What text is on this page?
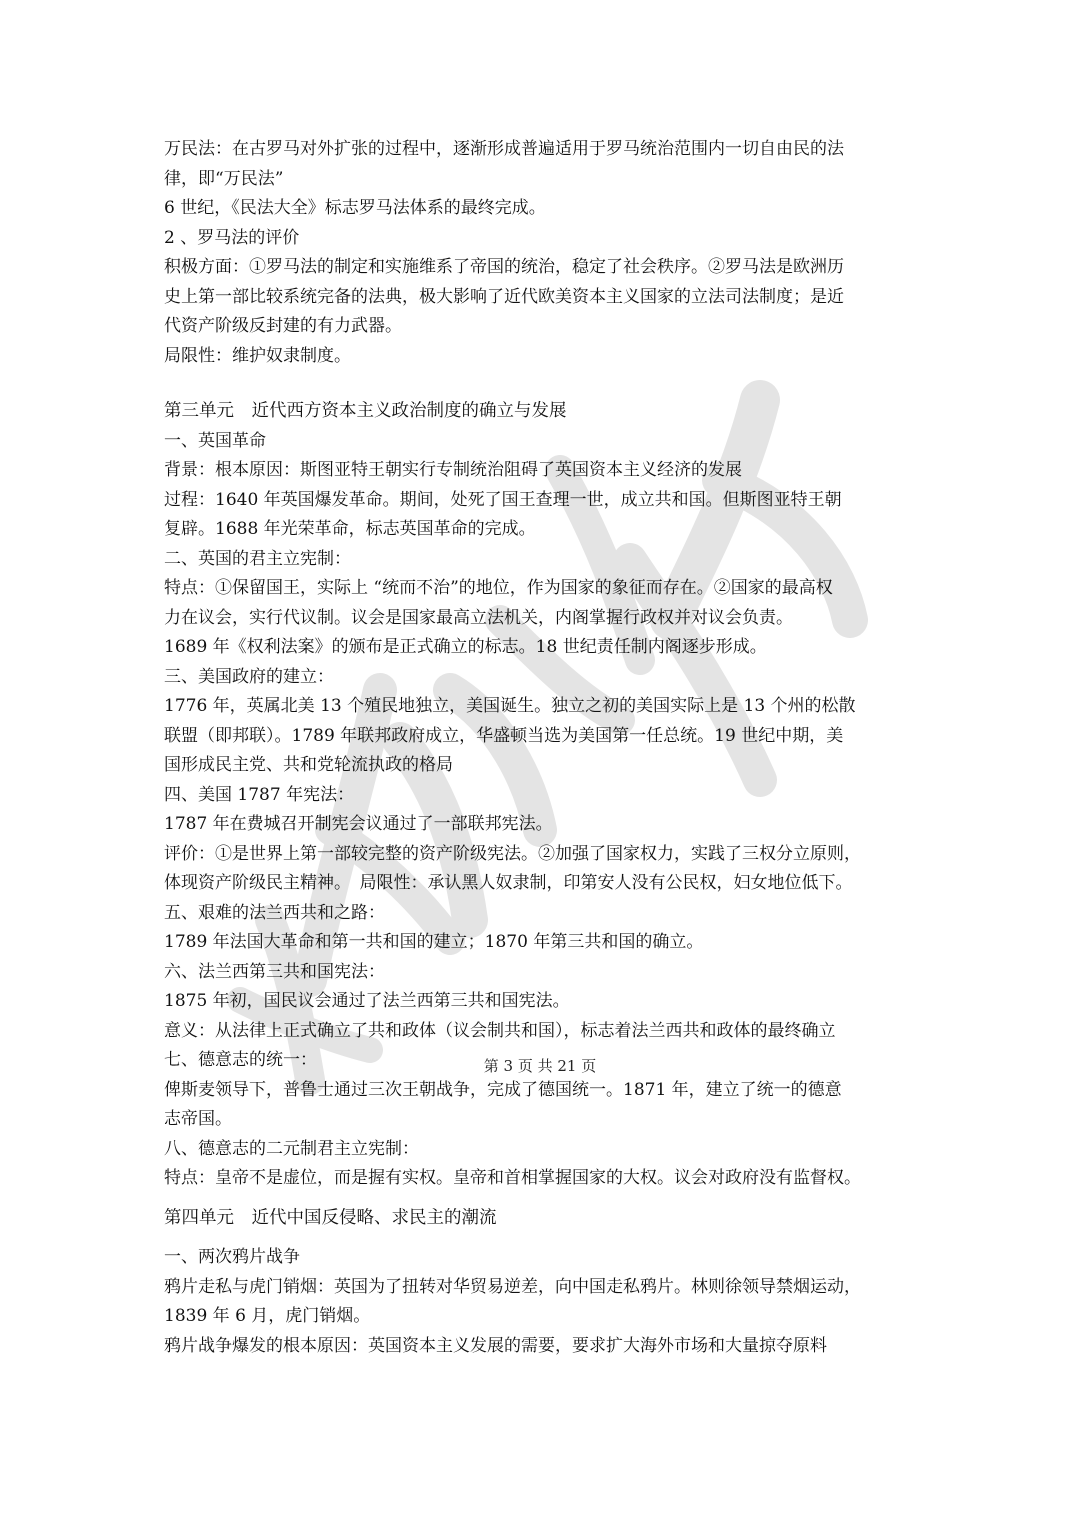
万民法：在古罗马对外扩张的过程中，逐渐形成普遍适用于罗马统治范围内一切自由民的法
律，即“万民法”
6 世纪，《民法大全》标志罗马法体系的最终完成。
2 、罗马法的评价
积极方面：①罗马法的制定和实施维系了帝国的统治，稳定了社会秩序。②罗马法是欧洲历
史上第一部比较系统完备的法典，极大影响了近代欧美资本主义国家的立法司法制度；是近
代资产阶级反封建的有力武器。
局限性：维护奴隶制度。
第三单元　近代西方资本主义政治制度的确立与发展
一、英国革命
背景：根本原因：斯图亚特王朝实行专制统治阻碍了英国资本主义经济的发展
过程：1640 年英国爆发革命。期间，处死了国王查理一世，成立共和国。但斯图亚特王朝
复辟。1688 年光荣革命，标志英国革命的完成。
二、英国的君主立宪制：
特点：①保留国王，实际上 “统而不治”的地位，作为国家的象征而存在。②国家的最高权
力在议会，实行代议制。议会是国家最高立法机关，内阁掌握行政权并对议会负责。
1689 年《权利法案》的颁布是正式确立的标志。18 世纪责任制内阁逐步形成。
三、美国政府的建立：
1776 年，英属北美 13 个殖民地独立，美国诞生。独立之初的美国实际上是 13 个州的松散
联盟（即邦联）。1789 年联邦政府成立，华盛顿当选为美国第一任总统。19 世纪中期，美
国形成民主党、共和党轮流执政的格局
四、美国 1787 年宪法：
1787 年在费城召开制宪会议通过了一部联邦宪法。
评价：①是世界上第一部较完整的资产阶级宪法。②加强了国家权力，实践了三权分立原则，
体现资产阶级民主精神。　局限性：承认黑人奴隶制，印第安人没有公民权，妇女地位低下。
五、艰难的法兰西共和之路：
1789 年法国大革命和第一共和国的建立；1870 年第三共和国的确立。
六、法兰西第三共和国宪法：
1875 年初，国民议会通过了法兰西第三共和国宪法。
意义：从法律上正式确立了共和政体（议会制共和国），标志着法兰西共和政体的最终确立
七、德意志的统一：
俾斯麦领导下，普鲁士通过三次王朝战争，完成了德国统一。1871 年，建立了统一的德意
志帝国。
八、德意志的二元制君主立宪制：
特点：皇帝不是虚位，而是握有实权。皇帝和首相掌握国家的大权。议会对政府没有监督权。
第四单元　近代中国反侵略、求民主的潮流
一、两次鸦片战争
鸦片走私与虎门销烟：英国为了扭转对华贸易逆差，向中国走私鸦片。林则徐领导禁烟运动，
1839 年 6 月，虎门销烟。
鸦片战争爆发的根本原因：英国资本主义发展的需要，要求扩大海外市场和大量掠夺原料
第 3 页 共 21 页
